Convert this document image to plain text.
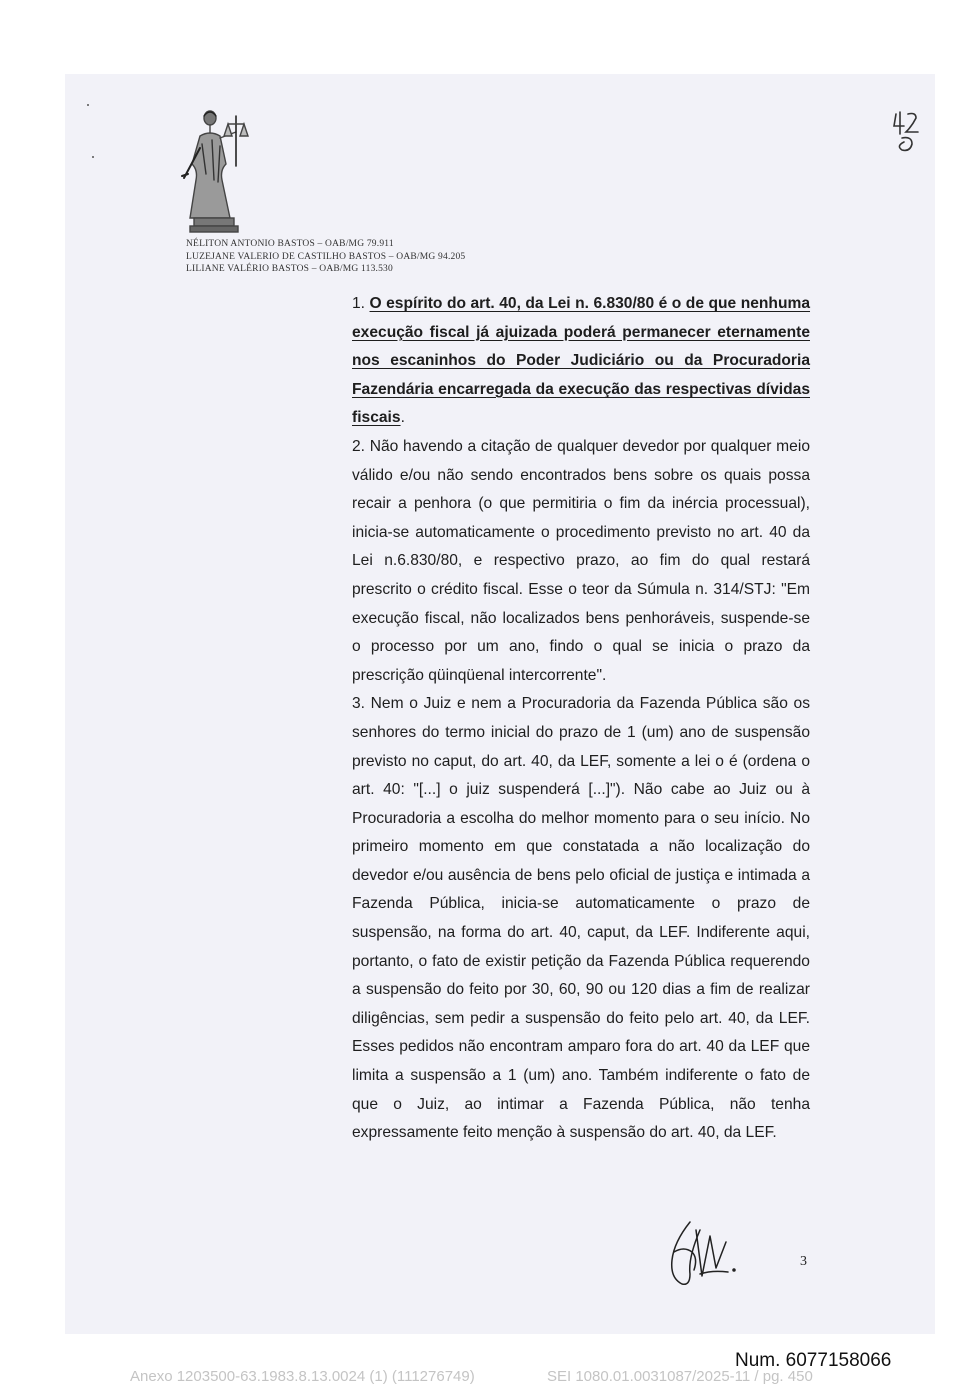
NÉLITON ANTONIO BASTOS – OAB/MG 79.911
LUZEJANE VALERIO DE CASTILHO BASTOS – OAB/MG 94.205
LILIANE VALÉRIO BASTOS – OAB/MG 113.530

1. O espírito do art. 40, da Lei n. 6.830/80 é o de que nenhuma execução fiscal já ajuizada poderá permanecer eternamente nos escaninhos do Poder Judiciário ou da Procuradoria Fazendária encarregada da execução das respectivas dívidas fiscais.

2. Não havendo a citação de qualquer devedor por qualquer meio válido e/ou não sendo encontrados bens sobre os quais possa recair a penhora (o que permitiria o fim da inércia processual), inicia-se automaticamente o procedimento previsto no art. 40 da Lei n.6.830/80, e respectivo prazo, ao fim do qual restará prescrito o crédito fiscal. Esse o teor da Súmula n. 314/STJ: "Em execução fiscal, não localizados bens penhoráveis, suspende-se o processo por um ano, findo o qual se inicia o prazo da prescrição qüinqüenal intercorrente".

3. Nem o Juiz e nem a Procuradoria da Fazenda Pública são os senhores do termo inicial do prazo de 1 (um) ano de suspensão previsto no caput, do art. 40, da LEF, somente a lei o é (ordena o art. 40: "[...] o juiz suspenderá [...]"). Não cabe ao Juiz ou à Procuradoria a escolha do melhor momento para o seu início. No primeiro momento em que constatada a não localização do devedor e/ou ausência de bens pelo oficial de justiça e intimada a Fazenda Pública, inicia-se automaticamente o prazo de suspensão, na forma do art. 40, caput, da LEF. Indiferente aqui, portanto, o fato de existir petição da Fazenda Pública requerendo a suspensão do feito por 30, 60, 90 ou 120 dias a fim de realizar diligências, sem pedir a suspensão do feito pelo art. 40, da LEF. Esses pedidos não encontram amparo fora do art. 40 da LEF que limita a suspensão a 1 (um) ano. Também indiferente o fato de que o Juiz, ao intimar a Fazenda Pública, não tenha expressamente feito menção à suspensão do art. 40, da LEF.

3
Num. 6077158066
Anexo 1203500-63.1983.8.13.0024 (1) (111276749)	SEI 1080.01.0031087/2025-11 / pg. 450
